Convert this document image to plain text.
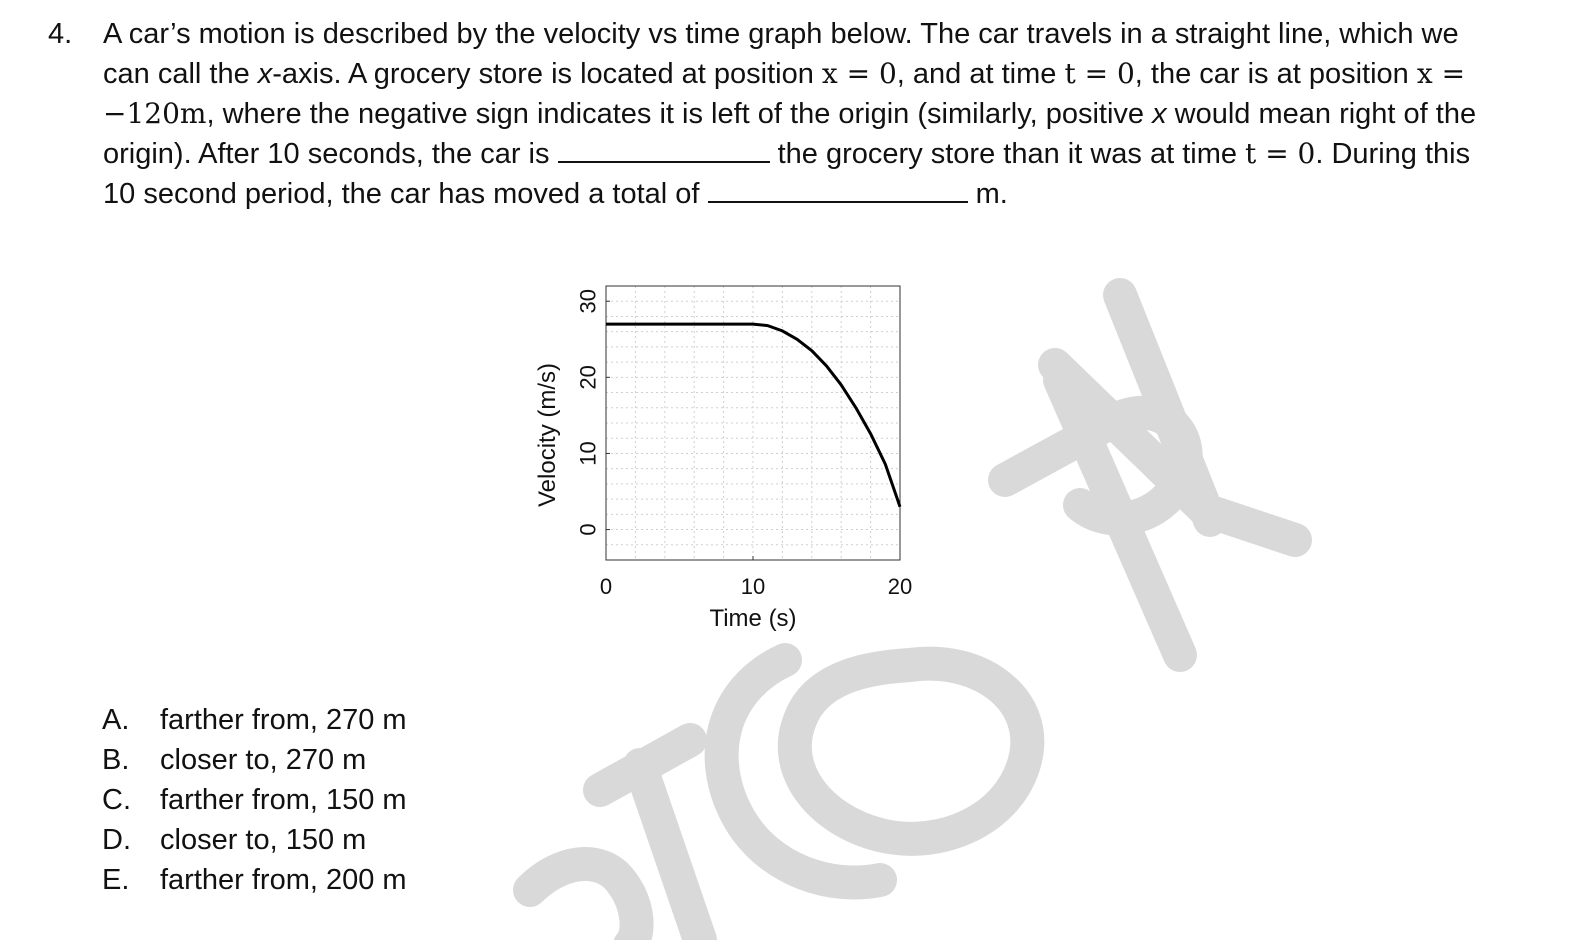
4. A car’s motion is described by the velocity vs time graph below. The car travels in a straight line, which we can call the x-axis. A grocery store is located at position x = 0, and at time t = 0, the car is at position x = −120m, where the negative sign indicates it is left of the origin (similarly, positive x would mean right of the origin). After 10 seconds, the car is	the grocery store than it was at time t = 0. During this 10 second period, the car has moved a total of	m.
0	10	20
0
10
20
30
Time (s)
Velocity (m/s)
A. farther from, 270 m
B. closer to, 270 m
C. farther from, 150 m
D. closer to, 150 m
E. farther from, 200 m
